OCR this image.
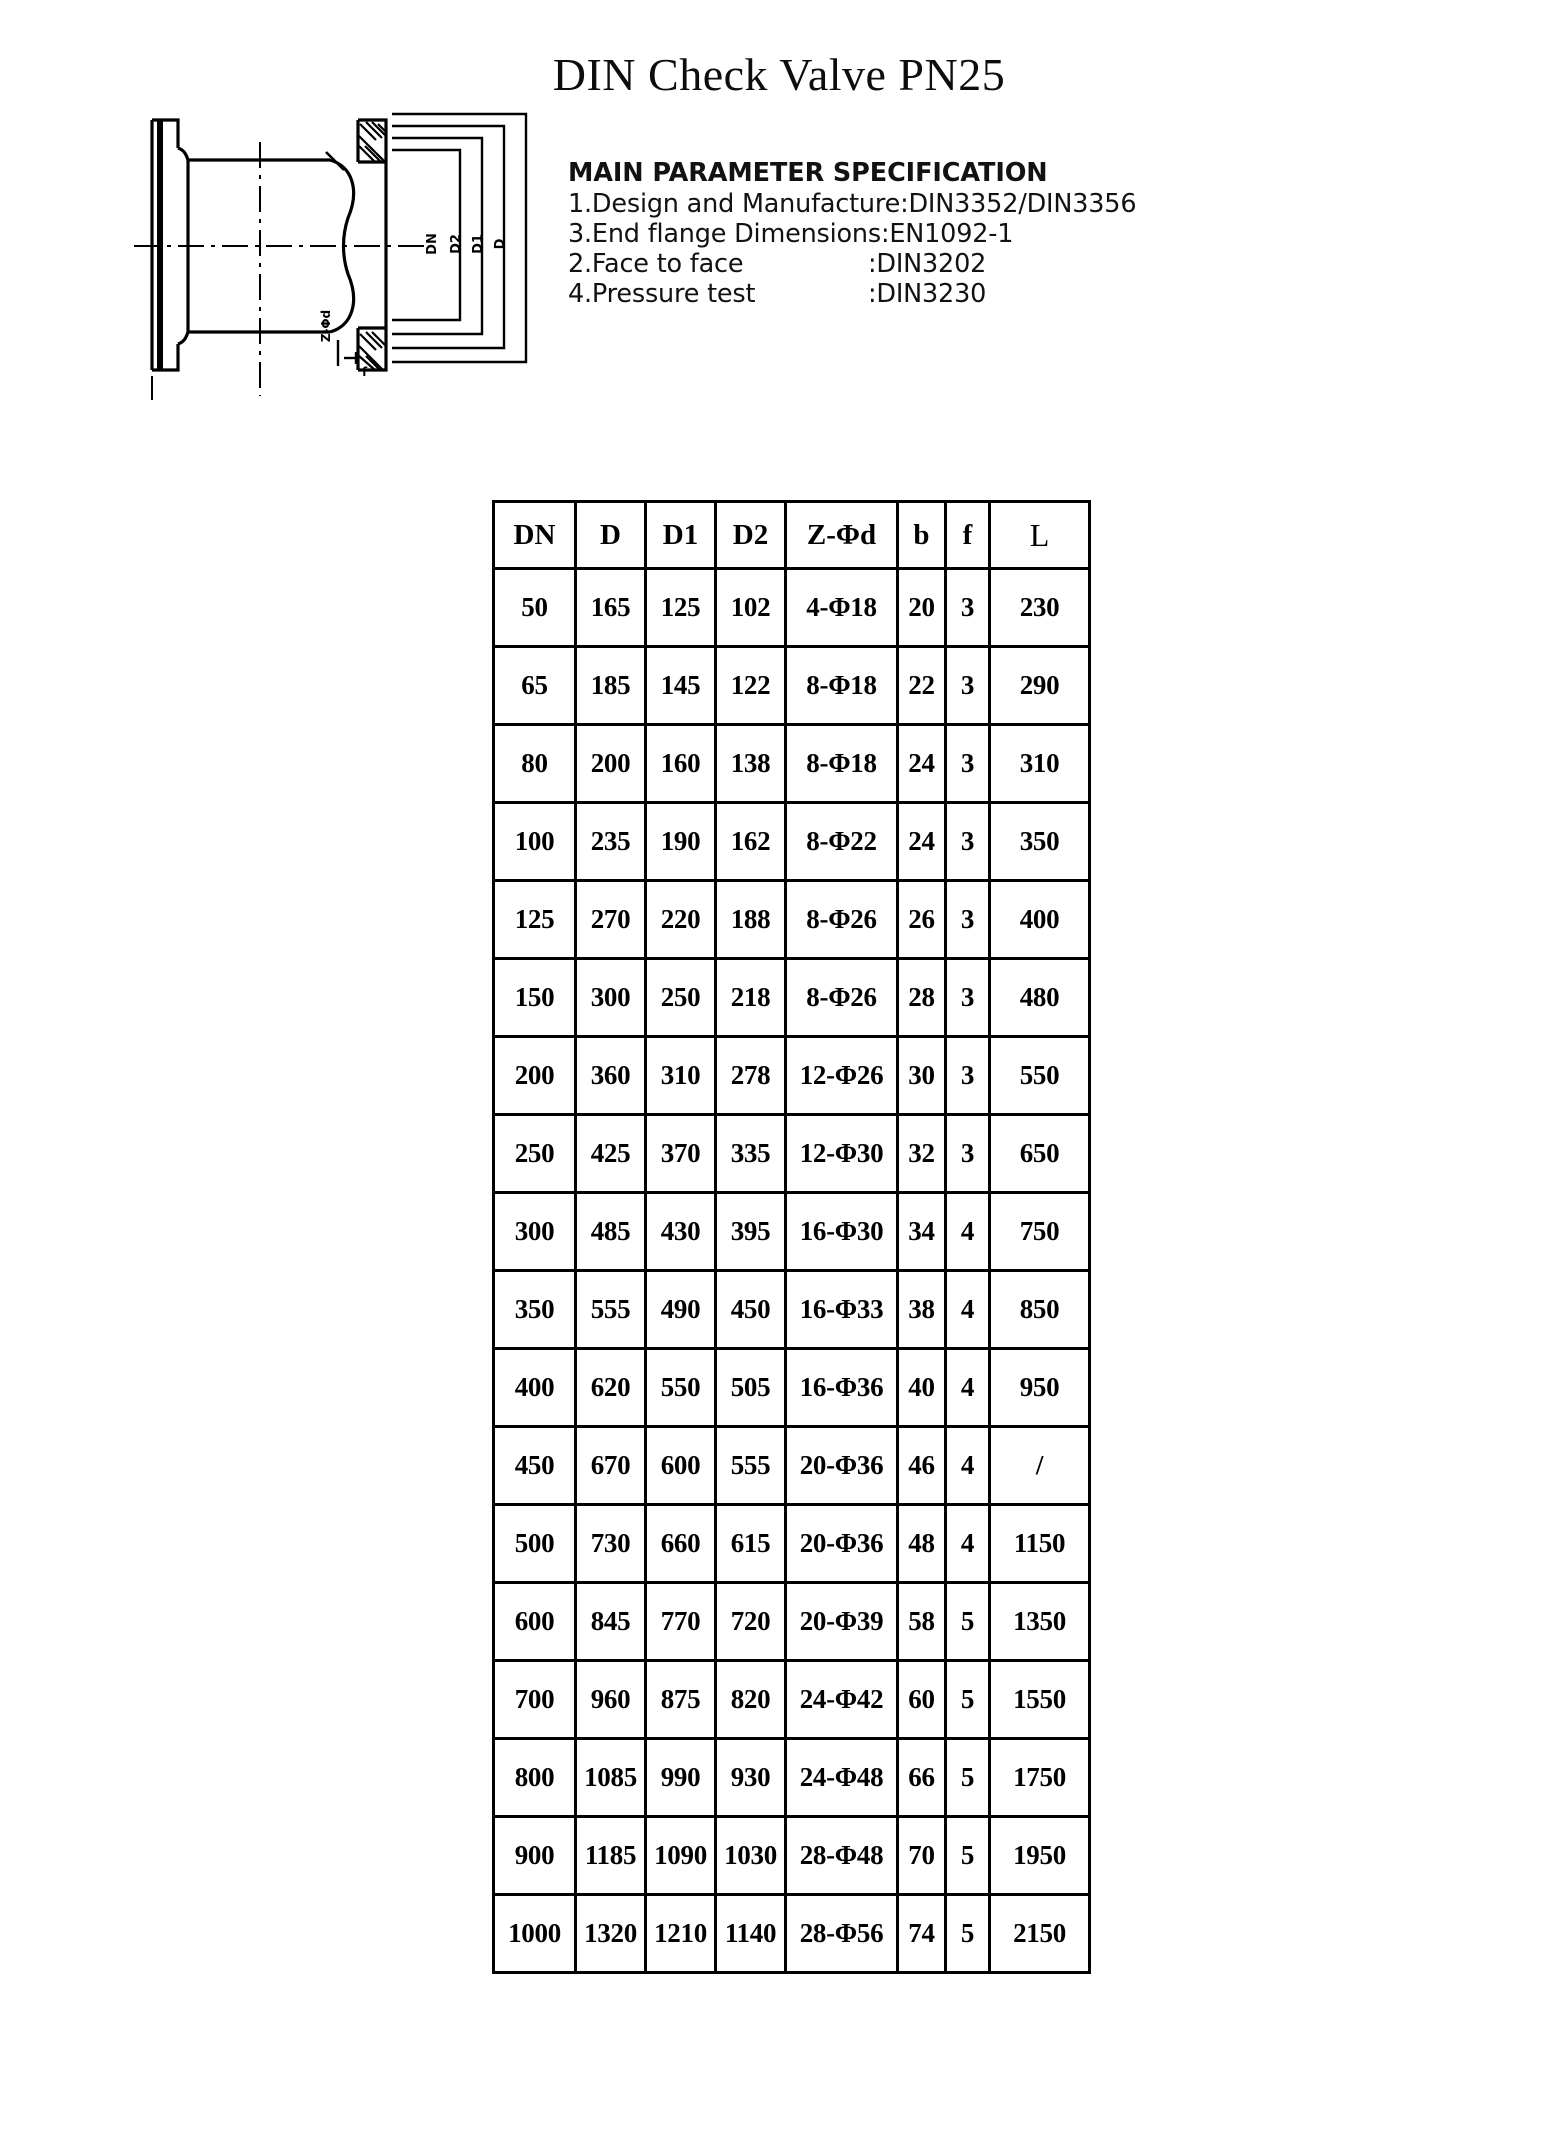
DIN Check Valve PN25
DN D2 D1 D
Z-Φd
f
MAIN PARAMETER SPECIFICATION
1.Design and Manufacture: DIN3352/DIN3356
3.End flange Dimensions: EN1092-1
2.Face to face	:DIN3202
4.Pressure test	:DIN3230
DN	D	D1	D2	Z-Φd	b	f	L
50	165	125	102	4-Φ18	20	3	230
65	185	145	122	8-Φ18	22	3	290
80	200	160	138	8-Φ18	24	3	310
100	235	190	162	8-Φ22	24	3	350
125	270	220	188	8-Φ26	26	3	400
150	300	250	218	8-Φ26	28	3	480
200	360	310	278	12-Φ26	30	3	550
250	425	370	335	12-Φ30	32	3	650
300	485	430	395	16-Φ30	34	4	750
350	555	490	450	16-Φ33	38	4	850
400	620	550	505	16-Φ36	40	4	950
450	670	600	555	20-Φ36	46	4	/
500	730	660	615	20-Φ36	48	4	1150
600	845	770	720	20-Φ39	58	5	1350
700	960	875	820	24-Φ42	60	5	1550
800	1085	990	930	24-Φ48	66	5	1750
900	1185	1090	1030	28-Φ48	70	5	1950
1000	1320	1210	1140	28-Φ56	74	5	2150
